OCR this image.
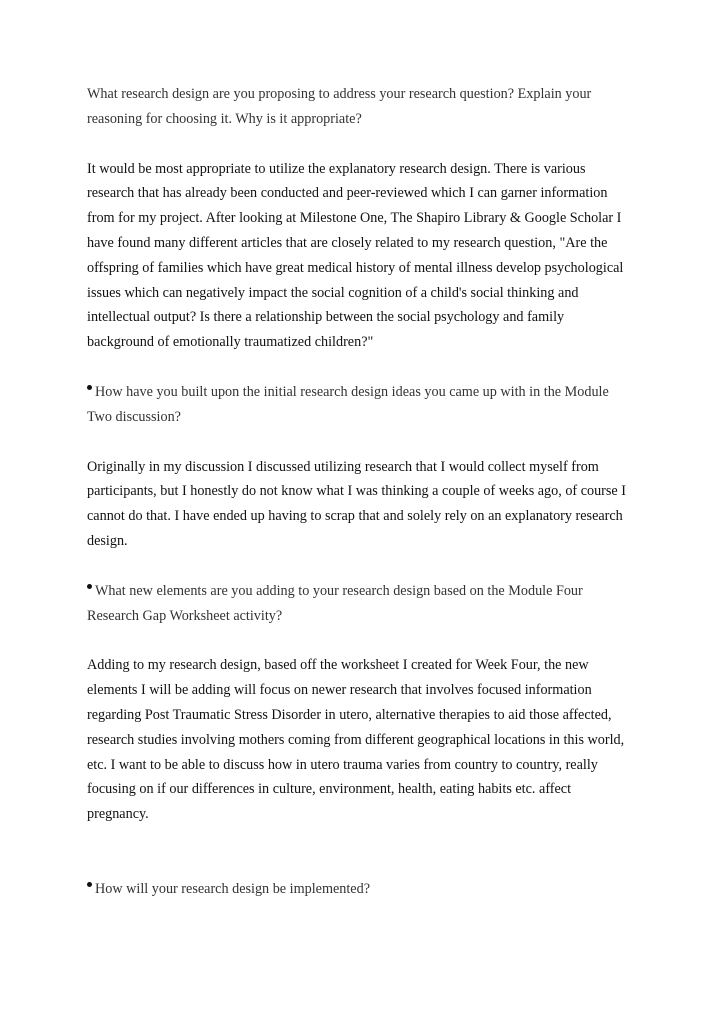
What research design are you proposing to address your research question? Explain your reasoning for choosing it. Why is it appropriate?

It would be most appropriate to utilize the explanatory research design. There is various research that has already been conducted and peer-reviewed which I can garner information from for my project. After looking at Milestone One, The Shapiro Library & Google Scholar I have found many different articles that are closely related to my research question, "Are the offspring of families which have great medical history of mental illness develop psychological issues which can negatively impact the social cognition of a child's social thinking and intellectual output? Is there a relationship between the social psychology and family background of emotionally traumatized children?"

How have you built upon the initial research design ideas you came up with in the Module Two discussion?

Originally in my discussion I discussed utilizing research that I would collect myself from participants, but I honestly do not know what I was thinking a couple of weeks ago, of course I cannot do that. I have ended up having to scrap that and solely rely on an explanatory research design.

What new elements are you adding to your research design based on the Module Four Research Gap Worksheet activity?

Adding to my research design, based off the worksheet I created for Week Four, the new elements I will be adding will focus on newer research that involves focused information regarding Post Traumatic Stress Disorder in utero, alternative therapies to aid those affected, research studies involving mothers coming from different geographical locations in this world, etc. I want to be able to discuss how in utero trauma varies from country to country, really focusing on if our differences in culture, environment, health, eating habits etc. affect pregnancy.

How will your research design be implemented?
